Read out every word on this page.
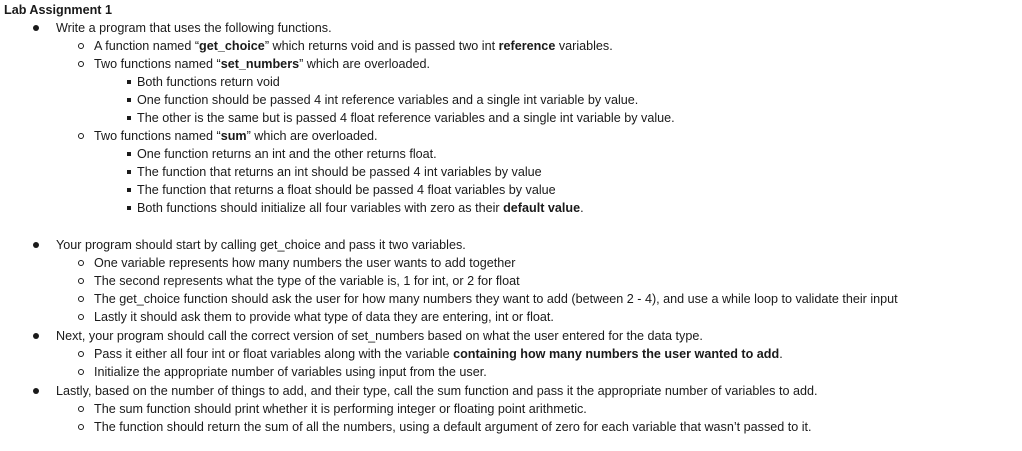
Lab Assignment 1
Write a program that uses the following functions.
A function named “get_choice” which returns void and is passed two int reference variables.
Two functions named “set_numbers” which are overloaded.
Both functions return void
One function should be passed 4 int reference variables and a single int variable by value.
The other is the same but is passed 4 float reference variables and a single int variable by value.
Two functions named “sum” which are overloaded.
One function returns an int and the other returns float.
The function that returns an int should be passed 4 int variables by value
The function that returns a float should be passed 4 float variables by value
Both functions should initialize all four variables with zero as their default value.
Your program should start by calling get_choice and pass it two variables.
One variable represents how many numbers the user wants to add together
The second represents what the type of the variable is, 1 for int, or 2 for float
The get_choice function should ask the user for how many numbers they want to add (between 2 - 4), and use a while loop to validate their input
Lastly it should ask them to provide what type of data they are entering, int or float.
Next, your program should call the correct version of set_numbers based on what the user entered for the data type.
Pass it either all four int or float variables along with the variable containing how many numbers the user wanted to add.
Initialize the appropriate number of variables using input from the user.
Lastly, based on the number of things to add, and their type, call the sum function and pass it the appropriate number of variables to add.
The sum function should print whether it is performing integer or floating point arithmetic.
The function should return the sum of all the numbers, using a default argument of zero for each variable that wasn’t passed to it.
